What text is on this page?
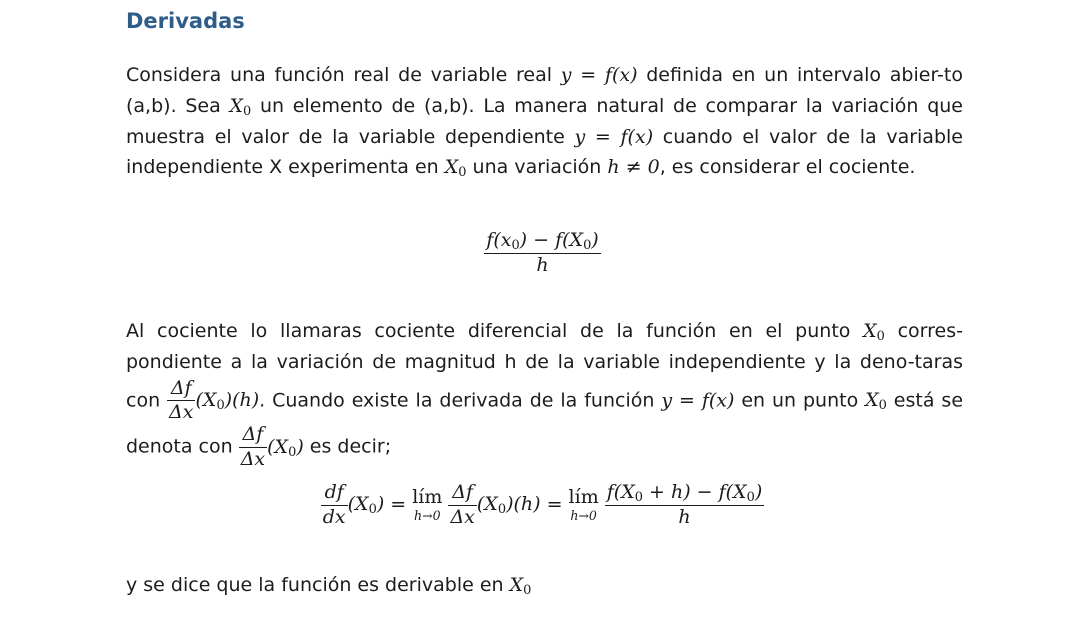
Derivadas

Considera una función real de variable real y = f(x) definida en un intervalo abier-to (a,b). Sea $X_0$ un elemento de (a,b). La manera natural de comparar la variación que muestra el valor de la variable dependiente y = f(x) cuando el valor de la variable independiente X experimenta en $X_0$ una variación h ≠ 0, es considerar el cociente.

$\frac{f(x_0) - f(X_0)}{h}$

Al cociente lo llamaras cociente diferencial de la función en el punto $X_0$ corres-pondiente a la variación de magnitud h de la variable independiente y la deno-taras con $\frac{\Delta f}{\Delta x} (X_0)(h)$. Cuando existe la derivada de la función y = f(x) en un punto $X_0$ está se denota con $\frac{\Delta f}{\Delta x} (X_0)$ es decir;

$\frac{df}{dx} (X_0)$ = lím
h→0
$\frac{\Delta f}{\Delta x} (X_0)(h)$ = lím
h→0
$\frac{f(X_0 + h) - f(X_0)}{h}$

y se dice que la función es derivable en $X_0$
